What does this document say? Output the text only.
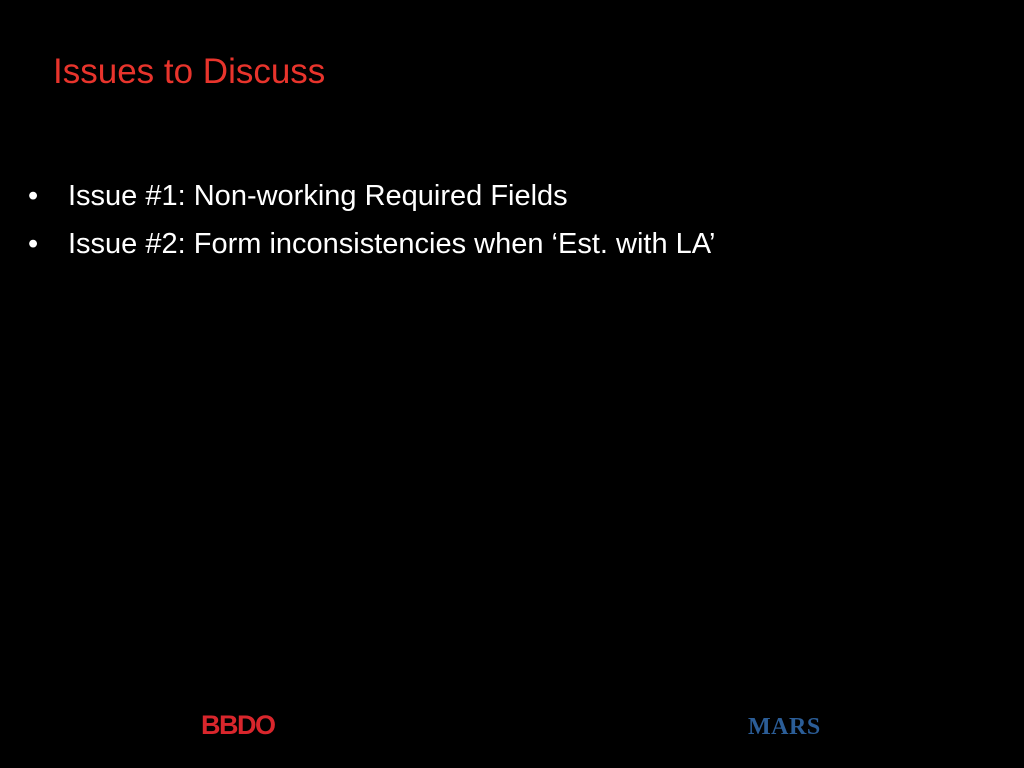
Issues to Discuss
•	Issue #1: Non-working Required Fields
•	Issue #2: Form inconsistencies when ‘Est. with LA’
BBDO	MARS
